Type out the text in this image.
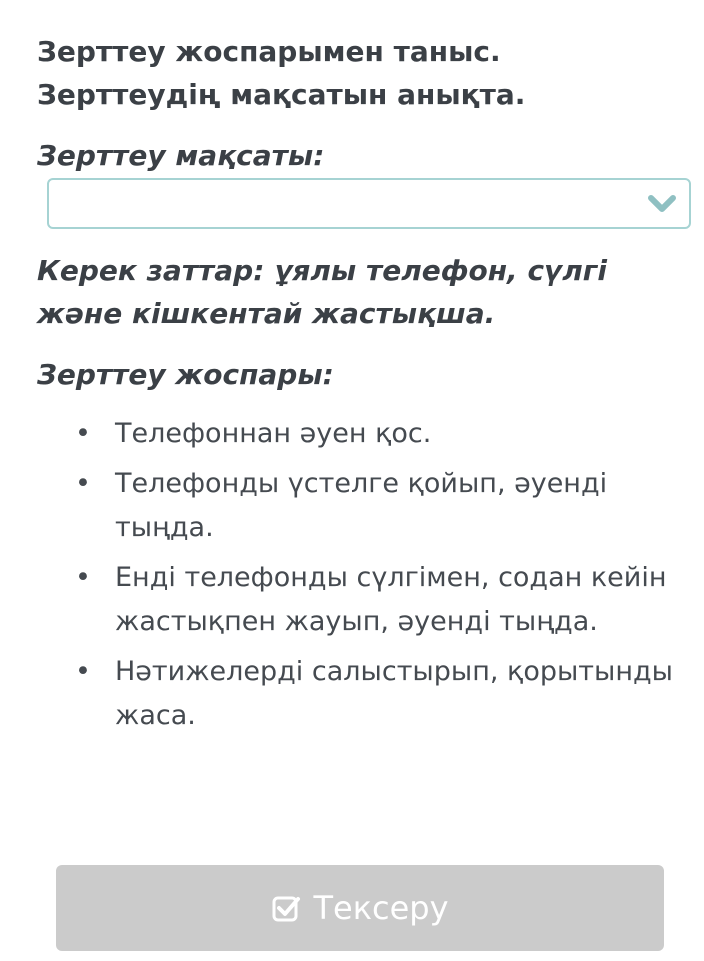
Зерттеу жоспарымен таныс. Зерттеудің мақсатын анықта.

Зерттеу мақсаты:

Керек заттар: ұялы телефон, сүлгі және кішкентай жастықша.

Зерттеу жоспары:

• Телефоннан әуен қос.
• Телефонды үстелге қойып, әуенді тыңда.
• Енді телефонды сүлгімен, содан кейін жастықпен жауып, әуенді тыңда.
• Нәтижелерді салыстырып, қорытынды жаса.
Тексеру
